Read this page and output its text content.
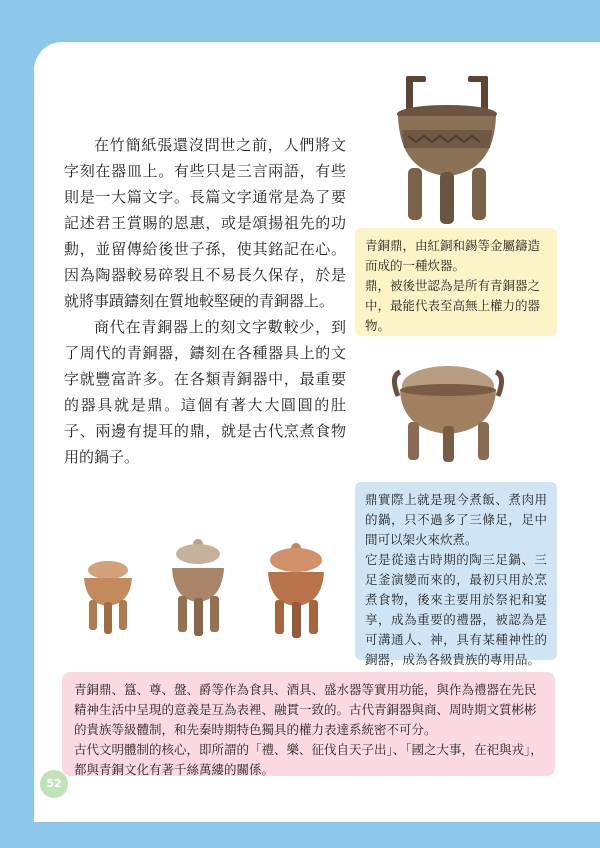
在竹簡紙張還沒問世之前，人們將文字刻在器皿上。有些只是三言兩語，有些則是一大篇文字。長篇文字通常是為了要記述君王賞賜的恩惠，或是頌揚祖先的功勳，並留傳給後世子孫，使其銘記在心。因為陶器較易碎裂且不易長久保存，於是就將事蹟鑄刻在質地較堅硬的青銅器上。

商代在青銅器上的刻文字數較少，到了周代的青銅器，鑄刻在各種器具上的文字就豐富許多。在各類青銅器中，最重要的器具就是鼎。這個有著大大圓圓的肚子、兩邊有提耳的鼎，就是古代烹煮食物用的鍋子。

青銅鼎，由紅銅和錫等金屬鑄造而成的一種炊器。

鼎，被後世認為是所有青銅器之中，最能代表至高無上權力的器物。

鼎實際上就是現今煮飯、煮肉用的鍋，只不過多了三條足，足中間可以架火來炊煮。

它是從遠古時期的陶三足鍋、三足釜演變而來的，最初只用於烹煮食物，後來主要用於祭祀和宴享，成為重要的禮器，被認為是可溝通人、神，具有某種神性的銅器，成為各級貴族的專用品。

青銅鼎、簋、尊、盤、爵等作為食具、酒具、盛水器等實用功能，與作為禮器在先民精神生活中呈現的意義是互為表裡、融貫一致的。古代青銅器與商、周時期文質彬彬的貴族等級體制，和先秦時期特色獨具的權力表達系統密不可分。

古代文明體制的核心，即所謂的「禮、樂、征伐自天子出」、「國之大事，在祀與戎」，都與青銅文化有著千絲萬縷的關係。

52
